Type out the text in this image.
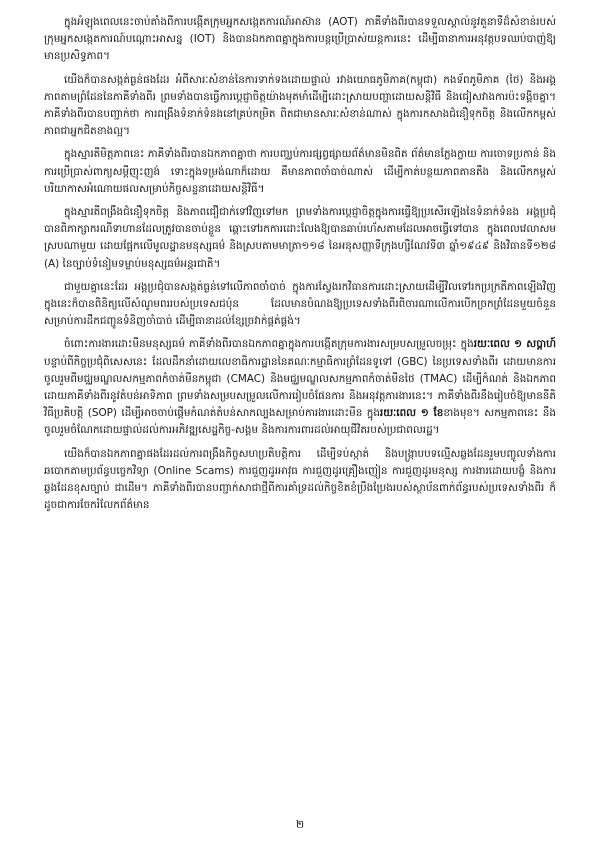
ក្នុងអំឡុងពេលនេះចាប់តាំងពីការបង្កើតក្រុមអ្នកសង្កេតការណ៍អាស៊ាន (AOT) ភាគីទាំងពីរបានទទួលស្គាល់នូវតួនាទីដ៏សំខាន់របស់ក្រុមអ្នកសង្កេតការណ៍បណ្ដោះអាសន្ន (IOT) និងបានឯកភាពគ្នាក្នុងការបន្តប្រើប្រាស់យន្តការនេះ ដើម្បីធានាការអនុវត្តបទឈប់បាញ់ឱ្យមានប្រសិទ្ធភាព។

យើងក៏បានសង្កត់ធ្ងន់ផងដែរ អំពីសារៈសំខាន់នៃការទាក់ទងដោយផ្ទាល់ រវាងយោធភូមិភាគ(កម្ពុជា) កងទ័ពភូមិភាគ (ថៃ) និងអង្គភាពតាមព្រំដែននៃភាគីទាំងពីរ ព្រមទាំងបានធ្វើការប្ដេជ្ញាចិត្តយ៉ាងមុតមាំដើម្បីដោះស្រាយបញ្ហាដោយសន្តិវិធី និងជៀសវាងការប៉ះទង្គិចគ្នា។ ភាគីទាំងពីរបានបញ្ជាក់ថា ការពង្រឹងទំនាក់ទំនងនៅគ្រប់កម្រិត ពិតជាមានសារៈសំខាន់ណាស់ ក្នុងការកសាងជំនឿទុកចិត្ត និងលើកកម្ពស់ភាពជាអ្នកជិតខាងល្អ។

ក្នុងស្មារតីមិត្តភាពនេះ ភាគីទាំងពីរបានឯកភាពគ្នាថា ការបញ្ឈប់ការផ្សព្វផ្សាយព័ត៌មានមិនពិត ព័ត៌មានក្លែងក្លាយ ការចោទប្រកាន់ និងការប្រើប្រាស់ពាក្យសម្ដីញុះញង់ ទោះក្នុងទម្រង់ណាក៏ដោយ គឺមានភាពចាំបាច់ណាស់ ដើម្បីកាត់បន្ថយភាពតានតឹង និងលើកកម្ពស់បរិយាកាសអំណោយផលសម្រាប់កិច្ចសន្ទនាដោយសន្តិវិធី។

ក្នុងស្មារតីពង្រឹងជំនឿទុកចិត្ត និងភាពជឿជាក់ទៅវិញទៅមក ព្រមទាំងការប្ដេជ្ញាចិត្តក្នុងការធ្វើឱ្យប្រសើរឡើងនៃទំនាក់ទំនង អង្គប្រជុំបានពិភាក្សាករណីទាហានដែលត្រូវបានចាប់ខ្លួន ឆ្ពោះទៅរកការដោះលែងឱ្យបានឆាប់រហ័សតាមដែលអាចធ្វើទៅបាន ក្នុងពេលវេលាសមស្របណាមួយ ដោយផ្អែកលើមូលដ្ឋានមនុស្សធម៌ និងស្របតាមមាត្រា១១៨ នៃអនុសញ្ញាទីក្រុងហ្សឺណែវទី៣ ឆ្នាំ១៩៤៩ និងវិធានទី១២៨ (A) នៃច្បាប់ទំនៀមទម្លាប់មនុស្សធម៌អន្តរជាតិ។

ជាមួយគ្នានេះដែរ អង្គប្រជុំបានសង្កត់ធ្ងន់ទៅលើភាពចាំបាច់ ក្នុងការស្វែងរកវិធានការដោះស្រាយដើម្បីវិលទៅរកប្រក្រតីភាពឡើងវិញ ក្នុងនេះក៏បានពិនិត្យលើសំណូមពររបស់ប្រទេសជប៉ុន ដែលមានបំណងឱ្យប្រទេសទាំងពីរពិចារណាលើការបើកច្រកព្រំដែនមួយចំនួន សម្រាប់ការដឹកជញ្ជូនទំនិញចាំបាច់ ដើម្បីធានាដល់ខ្សែច្រវាក់ផ្គត់ផ្គង់។

ចំពោះការងារដោះមីនមនុស្សធម៌ ភាគីទាំងពីរបានឯកភាពគ្នាក្នុងការបង្កើតក្រុមការងារសម្របសម្រួលចម្រុះ ក្នុងរយៈពេល ១ សប្តាហ៍ បន្ទាប់ពីកិច្ចប្រជុំពិសេសនេះ ដែលដឹកនាំដោយលេខាធិការដ្ឋាននៃគណៈកម្មាធិការព្រំដែនទូទៅ (GBC) នៃប្រទេសទាំងពីរ ដោយមានការចូលរួមពីមជ្ឈមណ្ឌលសកម្មភាពកំចាត់មីនកម្ពុជា (CMAC) និងមជ្ឈមណ្ឌលសកម្មភាពកំចាត់មីនថៃ (TMAC) ដើម្បីកំណត់ និងឯកភាពដោយភាគីទាំងពីរនូវតំបន់អាទិភាព ព្រមទាំងសម្របសម្រួលលើការរៀបចំផែនការ និងអនុវត្តការងារនេះ។ ភាគីទាំងពីរនឹងរៀបចំឱ្យមាននីតិវិធីប្រតិបត្តិ (SOP) ដើម្បីអាចចាប់ផ្ដើមកំណត់តំបន់សាកល្បងសម្រាប់ការងារដោះមីន ក្នុងរយៈពេល ១ ខែខាងមុខ។ សកម្មភាពនេះ នឹងចូលរួមចំណែកដោយផ្ទាល់ដល់ការអភិវឌ្ឍសេដ្ឋកិច្ច-សង្គម និងការការពារដល់អាយុជីវិតរបស់ប្រជាពលរដ្ឋ។

យើងក៏បានឯកភាពគ្នាផងដែរដល់ការពង្រឹងកិច្ចសហប្រតិបត្តិការ ដើម្បីទប់ស្កាត់ និងបង្ក្រាបបទល្មើសឆ្លងដែនរួមបញ្ចូលទាំងការឆបោកតាមប្រព័ន្ធបច្ចេកវិទ្យា (Online Scams) ការជួញដូរអាវុធ ការជួញដូរគ្រឿងញៀន ការជួញដូរមនុស្ស ការងារដោយបង្ខំ និងការឆ្លងដែនខុសច្បាប់ ជាដើម។ ភាគីទាំងពីរបានបញ្ជាក់សាជាថ្មីពីការគាំទ្រដល់កិច្ចខិតខំប្រឹងប្រែងរបស់ស្ថាប័នពាក់ព័ន្ធរបស់ប្រទេសទាំងពីរ ក៏ដូចជាការចែករំលែកព័ត៌មាន

២
